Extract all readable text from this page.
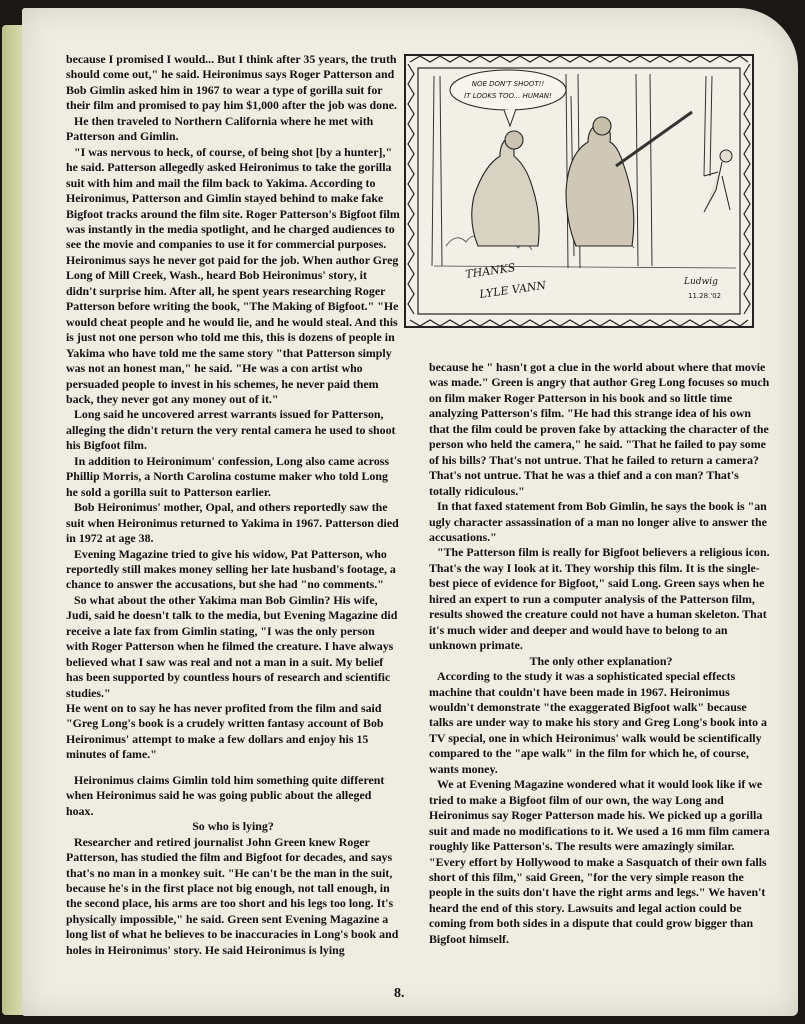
because I promised I would... But I think after 35 years, the truth should come out," he said. Heironimus says Roger Patterson and Bob Gimlin asked him in 1967 to wear a type of gorilla suit for their film and promised to pay him $1,000 after the job was done.

He then traveled to Northern California where he met with Patterson and Gimlin.

"I was nervous to heck, of course, of being shot [by a hunter]," he said. Patterson allegedly asked Heironimus to take the gorilla suit with him and mail the film back to Yakima. According to Heironimus, Patterson and Gimlin stayed behind to make fake Bigfoot tracks around the film site. Roger Patterson's Bigfoot film was instantly in the media spotlight, and he charged audiences to see the movie and companies to use it for commercial purposes. Heironimus says he never got paid for the job. When author Greg Long of Mill Creek, Wash., heard Bob Heironimus' story, it didn't surprise him. After all, he spent years researching Roger Patterson before writing the book, "The Making of Bigfoot." "He would cheat people and he would lie, and he would steal. And this is just not one person who told me this, this is dozens of people in Yakima who have told me the same story "that Patterson simply was not an honest man," he said. "He was a con artist who persuaded people to invest in his schemes, he never paid them back, they never got any money out of it."

Long said he uncovered arrest warrants issued for Patterson, alleging the didn't return the very rental camera he used to shoot his Bigfoot film.

In addition to Heironimum' confession, Long also came across Phillip Morris, a North Carolina costume maker who told Long he sold a gorilla suit to Patterson earlier.

Bob Heironimus' mother, Opal, and others reportedly saw the suit when Heironimus returned to Yakima in 1967. Patterson died in 1972 at age 38.

Evening Magazine tried to give his widow, Pat Patterson, who reportedly still makes money selling her late husband's footage, a chance to answer the accusations, but she had "no comments."

So what about the other Yakima man Bob Gimlin? His wife, Judi, said he doesn't talk to the media, but Evening Magazine did receive a late fax from Gimlin stating, "I was the only person with Roger Patterson when he filmed the creature. I have always believed what I saw was real and not a man in a suit. My belief has been supported by countless hours of research and scientific studies."

He went on to say he has never profited from the film and said "Greg Long's book is a crudely written fantasy account of Bob Heironimus' attempt to make a few dollars and enjoy his 15 minutes of fame."

Heironimus claims Gimlin told him something quite different when Heironimus said he was going public about the alleged hoax.

So who is lying?

Researcher and retired journalist John Green knew Roger Patterson, has studied the film and Bigfoot for decades, and says that's no man in a monkey suit. "He can't be the man in the suit, because he's in the first place not big enough, not tall enough, in the second place, his arms are too short and his legs too long. It's physically impossible," he said. Green sent Evening Magazine a long list of what he believes to be inaccuracies in Long's book and holes in Heironimus' story. He said Heironimus is lying

because he " hasn't got a clue in the world about where that movie was made." Green is angry that author Greg Long focuses so much on film maker Roger Patterson in his book and so little time analyzing Patterson's film. "He had this strange idea of his own that the film could be proven fake by attacking the character of the person who held the camera," he said. "That he failed to pay some of his bills? That's not untrue. That he failed to return a camera? That's not untrue. That he was a thief and a con man? That's totally ridiculous."

In that faxed statement from Bob Gimlin, he says the book is "an ugly character assassination of a man no longer alive to answer the accusations."

"The Patterson film is really for Bigfoot believers a religious icon. That's the way I look at it. They worship this film. It is the single-best piece of evidence for Bigfoot," said Long. Green says when he hired an expert to run a computer analysis of the Patterson film, results showed the creature could not have a human skeleton. That it's much wider and deeper and would have to belong to an unknown primate.

The only other explanation?

According to the study it was a sophisticated special effects machine that couldn't have been made in 1967. Heironimus wouldn't demonstrate "the exaggerated Bigfoot walk" because talks are under way to make his story and Greg Long's book into a TV special, one in which Heironimus' walk would be scientifically compared to the "ape walk" in the film for which he, of course, wants money.

We at Evening Magazine wondered what it would look like if we tried to make a Bigfoot film of our own, the way Long and Heironimus say Roger Patterson made his. We picked up a gorilla suit and made no modifications to it. We used a 16 mm film camera roughly like Patterson's. The results were amazingly similar. "Every effort by Hollywood to make a Sasquatch of their own falls short of this film," said Green, "for the very simple reason the people in the suits don't have the right arms and legs." We haven't heard the end of this story. Lawsuits and legal action could be coming from both sides in a dispute that could grow bigger than Bigfoot himself.

NOE DON'T SHOOT!!
IT LOOKS TOO... HUMAN!
THANKS
LYLE VANN	Ludwig
11.28.'02
8.
